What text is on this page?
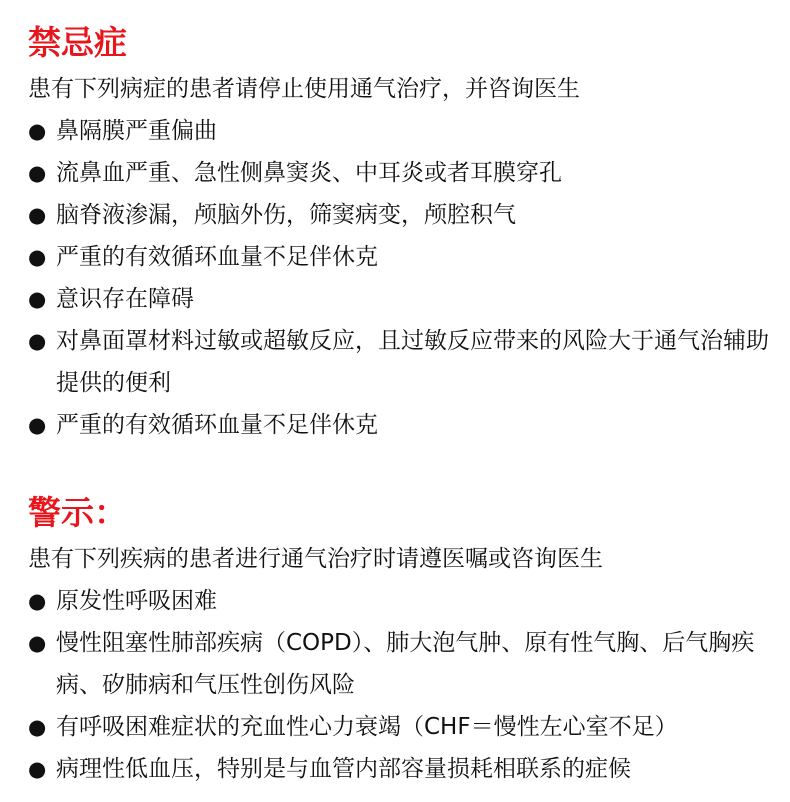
禁忌症

患有下列病症的患者请停止使用通气治疗，并咨询医生

● 鼻隔膜严重偏曲
● 流鼻血严重、急性侧鼻窦炎、中耳炎或者耳膜穿孔
● 脑脊液渗漏，颅脑外伤，筛窦病变，颅腔积气
● 严重的有效循环血量不足伴休克
● 意识存在障碍
● 对鼻面罩材料过敏或超敏反应，且过敏反应带来的风险大于通气治辅助提供的便利
● 严重的有效循环血量不足伴休克
警示：

患有下列疾病的患者进行通气治疗时请遵医嘱或咨询医生

● 原发性呼吸困难
● 慢性阻塞性肺部疾病（COPD）、肺大泡气肿、原有性气胸、后气胸疾病、矽肺病和气压性创伤风险
● 有呼吸困难症状的充血性心力衰竭（CHF＝慢性左心室不足）
● 病理性低血压，特别是与血管内部容量损耗相联系的症候
